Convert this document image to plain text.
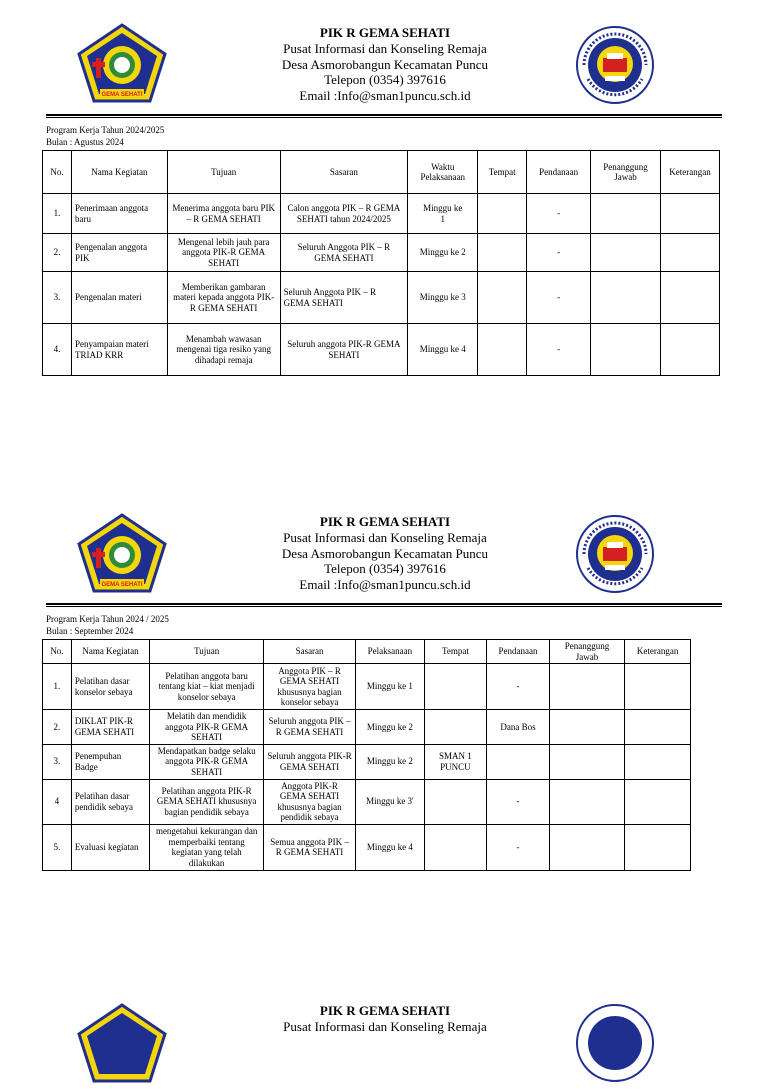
GEMA SEHATI
PIK R GEMA SEHATI
Pusat Informasi dan Konseling Remaja
Desa Asmorobangun Kecamatan Puncu
Telepon (0354) 397616
Email :Info@sman1puncu.sch.id
Program Kerja Tahun 2024/2025
Bulan : Agustus 2024
No.	Nama Kegiatan	Tujuan	Sasaran	Waktu Pelaksanaan	Tempat	Pendanaan	Penanggung Jawab	Keterangan
1.	Penerimaan anggota baru	Menerima anggota baru PIK – R GEMA SEHATI	Calon anggota PIK – R GEMA SEHATI tahun 2024/2025	Minggu ke 1		-		
2.	Pengenalan anggota PIK	Mengenal lebih jauh para anggota PIK-R GEMA SEHATI	Seluruh Anggota PIK – R GEMA SEHATI	Minggu ke 2		-		
3.	Pengenalan materi	Memberikan gambaran materi kepada anggota PIK-R GEMA SEHATI	Seluruh Anggota PIK – R GEMA SEHATI	Minggu ke 3		-		
4.	Penyampaian materi TRIAD KRR	Menambah wawasan mengenai tiga resiko yang dihadapi remaja	Seluruh anggota PIK-R GEMA SEHATI	Minggu ke 4		-		
GEMA SEHATI
PIK R GEMA SEHATI
Pusat Informasi dan Konseling Remaja
Desa Asmorobangun Kecamatan Puncu
Telepon (0354) 397616
Email :Info@sman1puncu.sch.id
Program Kerja Tahun 2024 / 2025
Bulan : September 2024
No.	Nama Kegiatan	Tujuan	Sasaran	Pelaksanaan	Tempat	Pendanaan	Penanggung Jawab	Keterangan
1.	Pelatihan dasar konselor sebaya	Pelatihan anggota baru tentang kiat – kiat menjadi konselor sebaya	Anggota PIK – R GEMA SEHATI khususnya bagian konselor sebaya	Minggu ke 1		-		
2.	DIKLAT PIK-R GEMA SEHATI	Melatih dan mendidik anggota PIK-R GEMA SEHATI	Seluruh anggota PIK – R GEMA SEHATI	Minggu ke 2		Dana Bos		
3.	Penempuhan Badge	Mendapatkan badge selaku anggota PIK-R GEMA SEHATI	Seluruh anggota PIK-R GEMA SEHATI	Minggu ke 2	SMAN 1 PUNCU			
4	Pelatihan dasar pendidik sebaya	Pelatihan anggota PIK-R GEMA SEHATI khususnya bagian pendidik sebaya	Anggota PIK-R GEMA SEHATI khususnya bagian pendidik sebaya	Minggu ke 3'		-		
5.	Evaluasi kegiatan	mengetahui kekurangan dan memperbaiki tentang kegiatan yang telah dilakukan	Semua anggota PIK – R GEMA SEHATI	Minggu ke 4		-		
PIK R GEMA SEHATI
Pusat Informasi dan Konseling Remaja
